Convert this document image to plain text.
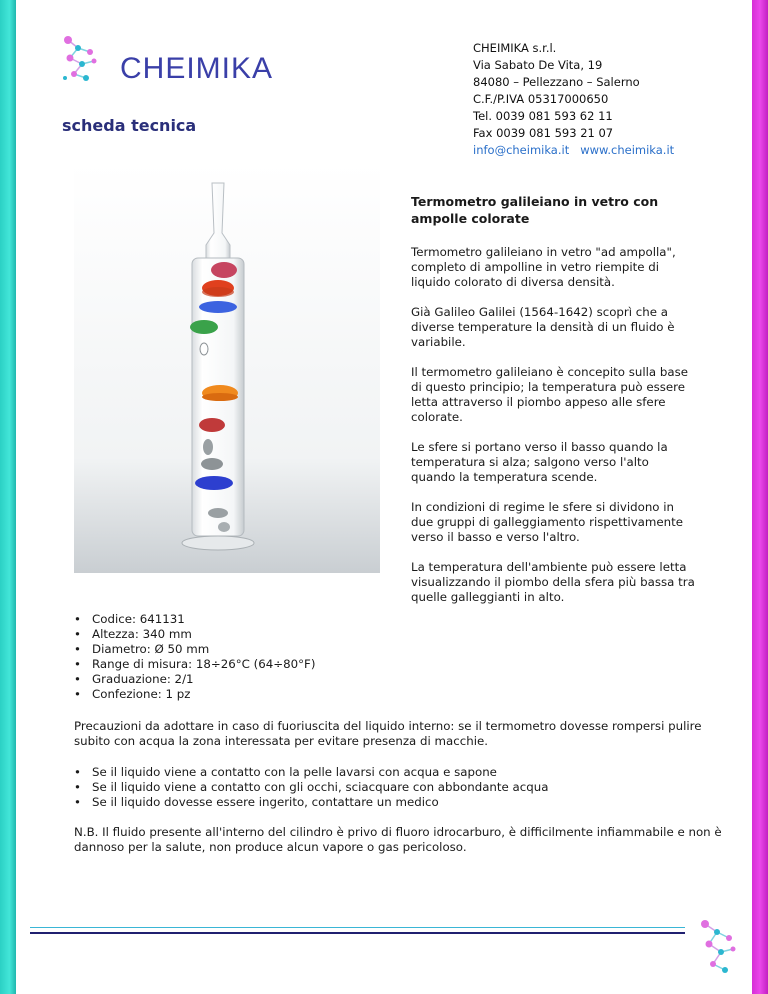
CHEIMIKA
scheda tecnica
CHEIMIKA s.r.l.
Via Sabato De Vita, 19
84080 – Pellezzano – Salerno
C.F./P.IVA 05317000650
Tel. 0039 081 593 62 11
Fax 0039 081 593 21 07
info@cheimika.it www.cheimika.it
Termometro galileiano in vetro con ampolle colorate

Termometro galileiano in vetro "ad ampolla", completo di ampolline in vetro riempite di liquido colorato di diversa densità.

Già Galileo Galilei (1564-1642) scoprì che a diverse temperature la densità di un fluido è variabile.

Il termometro galileiano è concepito sulla base di questo principio; la temperatura può essere letta attraverso il piombo appeso alle sfere colorate.

Le sfere si portano verso il basso quando la temperatura si alza; salgono verso l'alto quando la temperatura scende.

In condizioni di regime le sfere si dividono in due gruppi di galleggiamento rispettivamente verso il basso e verso l'altro.

La temperatura dell'ambiente può essere letta visualizzando il piombo della sfera più bassa tra quelle galleggianti in alto.

• Codice: 641131
• Altezza: 340 mm
• Diametro: Ø 50 mm
• Range di misura: 18÷26°C (64÷80°F)
• Graduazione: 2/1
• Confezione: 1 pz

Precauzioni da adottare in caso di fuoriuscita del liquido interno: se il termometro dovesse rompersi pulire subito con acqua la zona interessata per evitare presenza di macchie.

• Se il liquido viene a contatto con la pelle lavarsi con acqua e sapone
• Se il liquido viene a contatto con gli occhi, sciacquare con abbondante acqua
• Se il liquido dovesse essere ingerito, contattare un medico

N.B. Il fluido presente all'interno del cilindro è privo di fluoro idrocarburo, è difficilmente infiammabile e non è dannoso per la salute, non produce alcun vapore o gas pericoloso.
